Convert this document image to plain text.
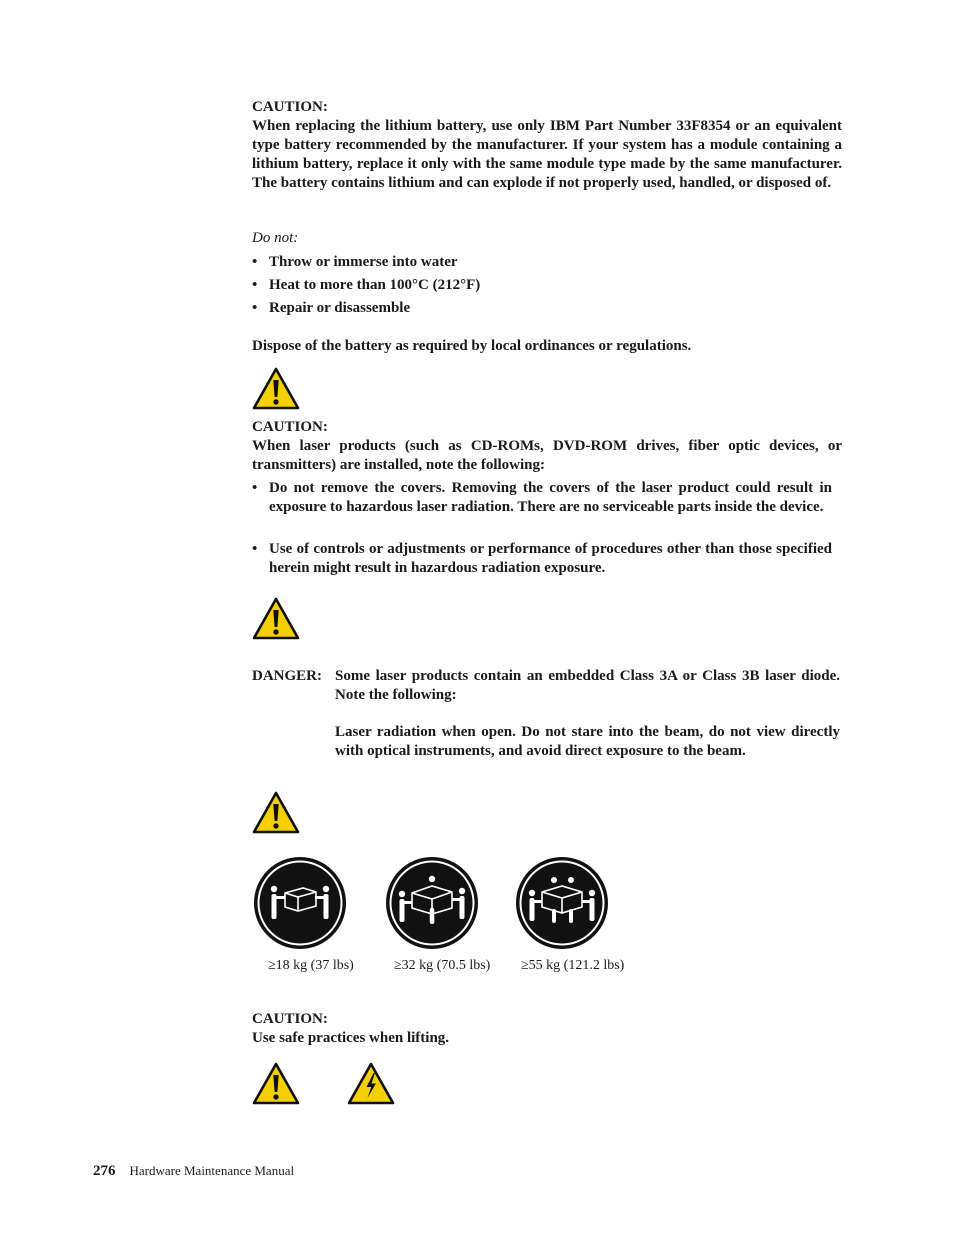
CAUTION:
When replacing the lithium battery, use only IBM Part Number 33F8354 or an equivalent type battery recommended by the manufacturer. If your system has a module containing a lithium battery, replace it only with the same module type made by the same manufacturer. The battery contains lithium and can explode if not properly used, handled, or disposed of.
Do not:
• Throw or immerse into water
• Heat to more than 100°C (212°F)
• Repair or disassemble
Dispose of the battery as required by local ordinances or regulations.
CAUTION:
When laser products (such as CD-ROMs, DVD-ROM drives, fiber optic devices, or transmitters) are installed, note the following:
• Do not remove the covers. Removing the covers of the laser product could result in exposure to hazardous laser radiation. There are no serviceable parts inside the device.
• Use of controls or adjustments or performance of procedures other than those specified herein might result in hazardous radiation exposure.
DANGER: Some laser products contain an embedded Class 3A or Class 3B laser diode. Note the following:
Laser radiation when open. Do not stare into the beam, do not view directly with optical instruments, and avoid direct exposure to the beam.
≥18 kg (37 lbs)	≥32 kg (70.5 lbs) ≥55 kg (121.2 lbs)
CAUTION:
Use safe practices when lifting.
276 Hardware Maintenance Manual
